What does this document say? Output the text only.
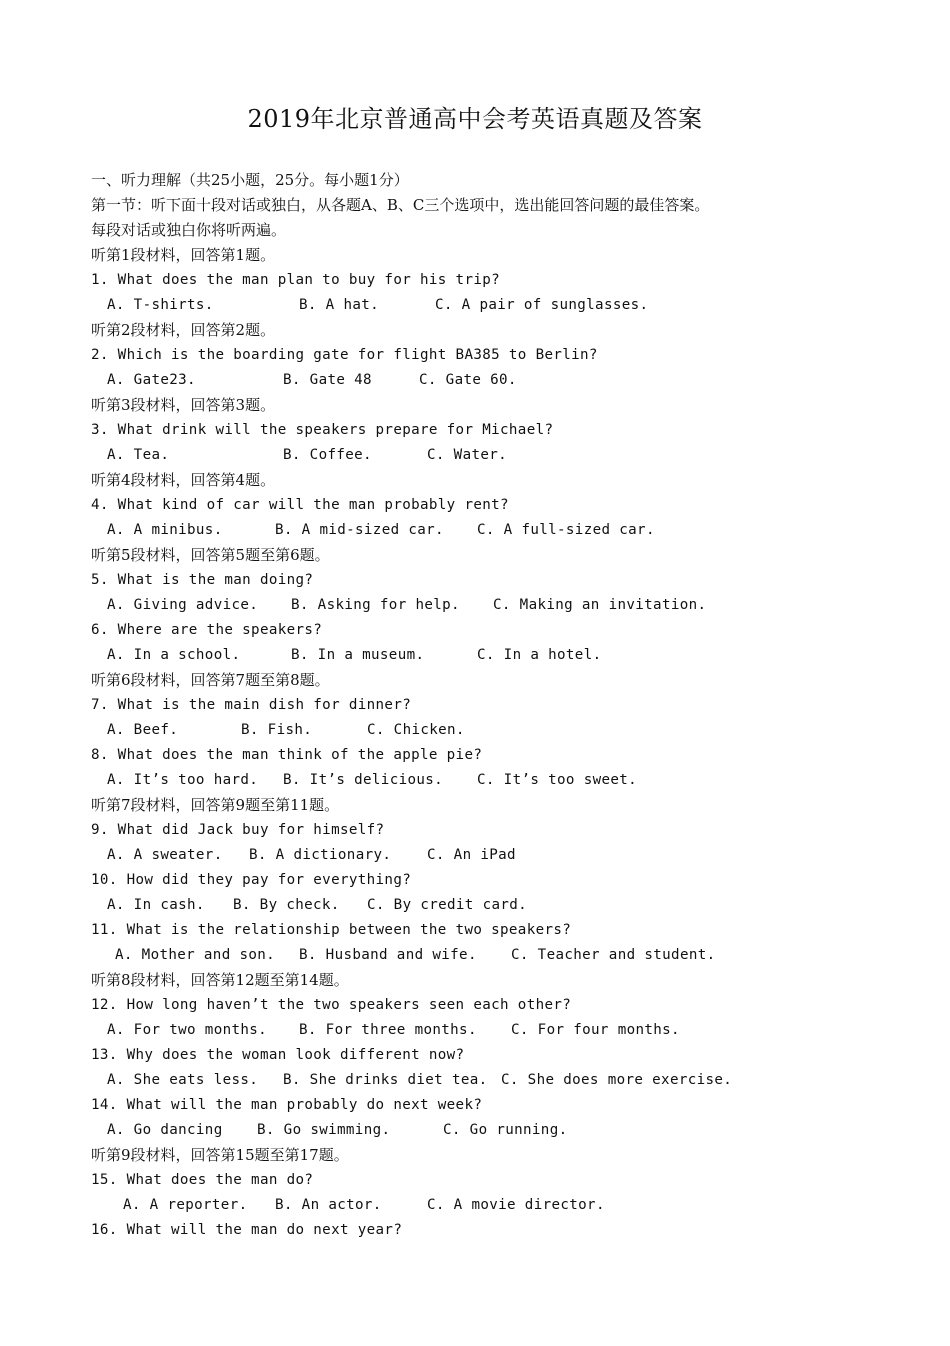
2019年北京普通高中会考英语真题及答案
一、听力理解（共25小题，25分。每小题1分）
第一节：听下面十段对话或独白，从各题A、B、C三个选项中，选出能回答问题的最佳答案。
每段对话或独白你将听两遍。
听第1段材料，回答第1题。
1. What does the man plan to buy for his trip?
A. T-shirts.	B. A hat.	C. A pair of sunglasses.
听第2段材料，回答第2题。
2. Which is the boarding gate for flight BA385 to Berlin?
A. Gate23.	B. Gate 48	C. Gate 60.
听第3段材料，回答第3题。
3. What drink will the speakers prepare for Michael?
A. Tea.	B. Coffee.	C. Water.
听第4段材料，回答第4题。
4. What kind of car will the man probably rent?
A. A minibus.	B. A mid-sized car.	C. A full-sized car.
听第5段材料，回答第5题至第6题。
5. What is the man doing?
A. Giving advice.	B. Asking for help.	C. Making an invitation.
6. Where are the speakers?
A. In a school.	B. In a museum.	C. In a hotel.
听第6段材料，回答第7题至第8题。
7. What is the main dish for dinner?
A. Beef.	B. Fish.	C. Chicken.
8. What does the man think of the apple pie?
A. It’s too hard.	B. It’s delicious.	C. It’s too sweet.
听第7段材料，回答第9题至第11题。
9. What did Jack buy for himself?
A. A sweater.	B. A dictionary.	C. An iPad
10. How did they pay for everything?
A. In cash.	B. By check.	C. By credit card.
11. What is the relationship between the two speakers?
A. Mother and son.	B. Husband and wife.	C. Teacher and student.
听第8段材料，回答第12题至第14题。
12. How long haven’t the two speakers seen each other?
A. For two months.	B. For three months.	C. For four months.
13. Why does the woman look different now?
A. She eats less.	B. She drinks diet tea. C. She does more exercise.
14. What will the man probably do next week?
A. Go dancing	B. Go swimming.	C. Go running.
听第9段材料，回答第15题至第17题。
15. What does the man do?
A. A reporter.	B. An actor.	C. A movie director.
16. What will the man do next year?
